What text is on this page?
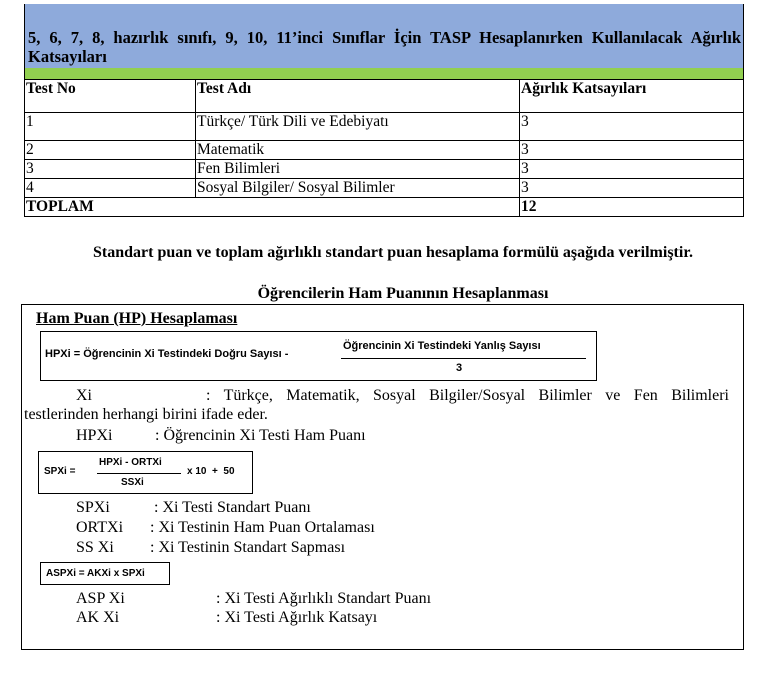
5, 6, 7, 8, hazırlık sınıfı, 9, 10, 11’inci Sınıflar İçin TASP Hesaplanırken Kullanılacak Ağırlık
Katsayıları
Test No	Test Adı	Ağırlık Katsayıları
1	Türkçe/ Türk Dili ve Edebiyatı	3
2	Matematik	3
3	Fen Bilimleri	3
4	Sosyal Bilgiler/ Sosyal Bilimler	3
TOPLAM		12
Standart puan ve toplam ağırlıklı standart puan hesaplama formülü aşağıda verilmiştir.
Öğrencilerin Ham Puanının Hesaplanması
Ham Puan (HP) Hesaplaması
HPXi = Öğrencinin Xi Testindeki Doğru Sayısı -
Öğrencinin Xi Testindeki Yanlış Sayısı
3
Xi	: Türkçe, Matematik, Sosyal Bilgiler/Sosyal Bilimler ve Fen Bilimleri
testlerinden herhangi birini ifade eder.
HPXi	: Öğrencinin Xi Testi Ham Puanı
SPXi =
HPXi - ORTXi
SSXi
x 10  +  50
SPXi	: Xi Testi Standart Puanı
ORTXi : Xi Testinin Ham Puan Ortalaması
SS Xi : Xi Testinin Standart Sapması
ASPXi = AKXi x SPXi
ASP Xi	: Xi Testi Ağırlıklı Standart Puanı
AK Xi	: Xi Testi Ağırlık Katsayı
